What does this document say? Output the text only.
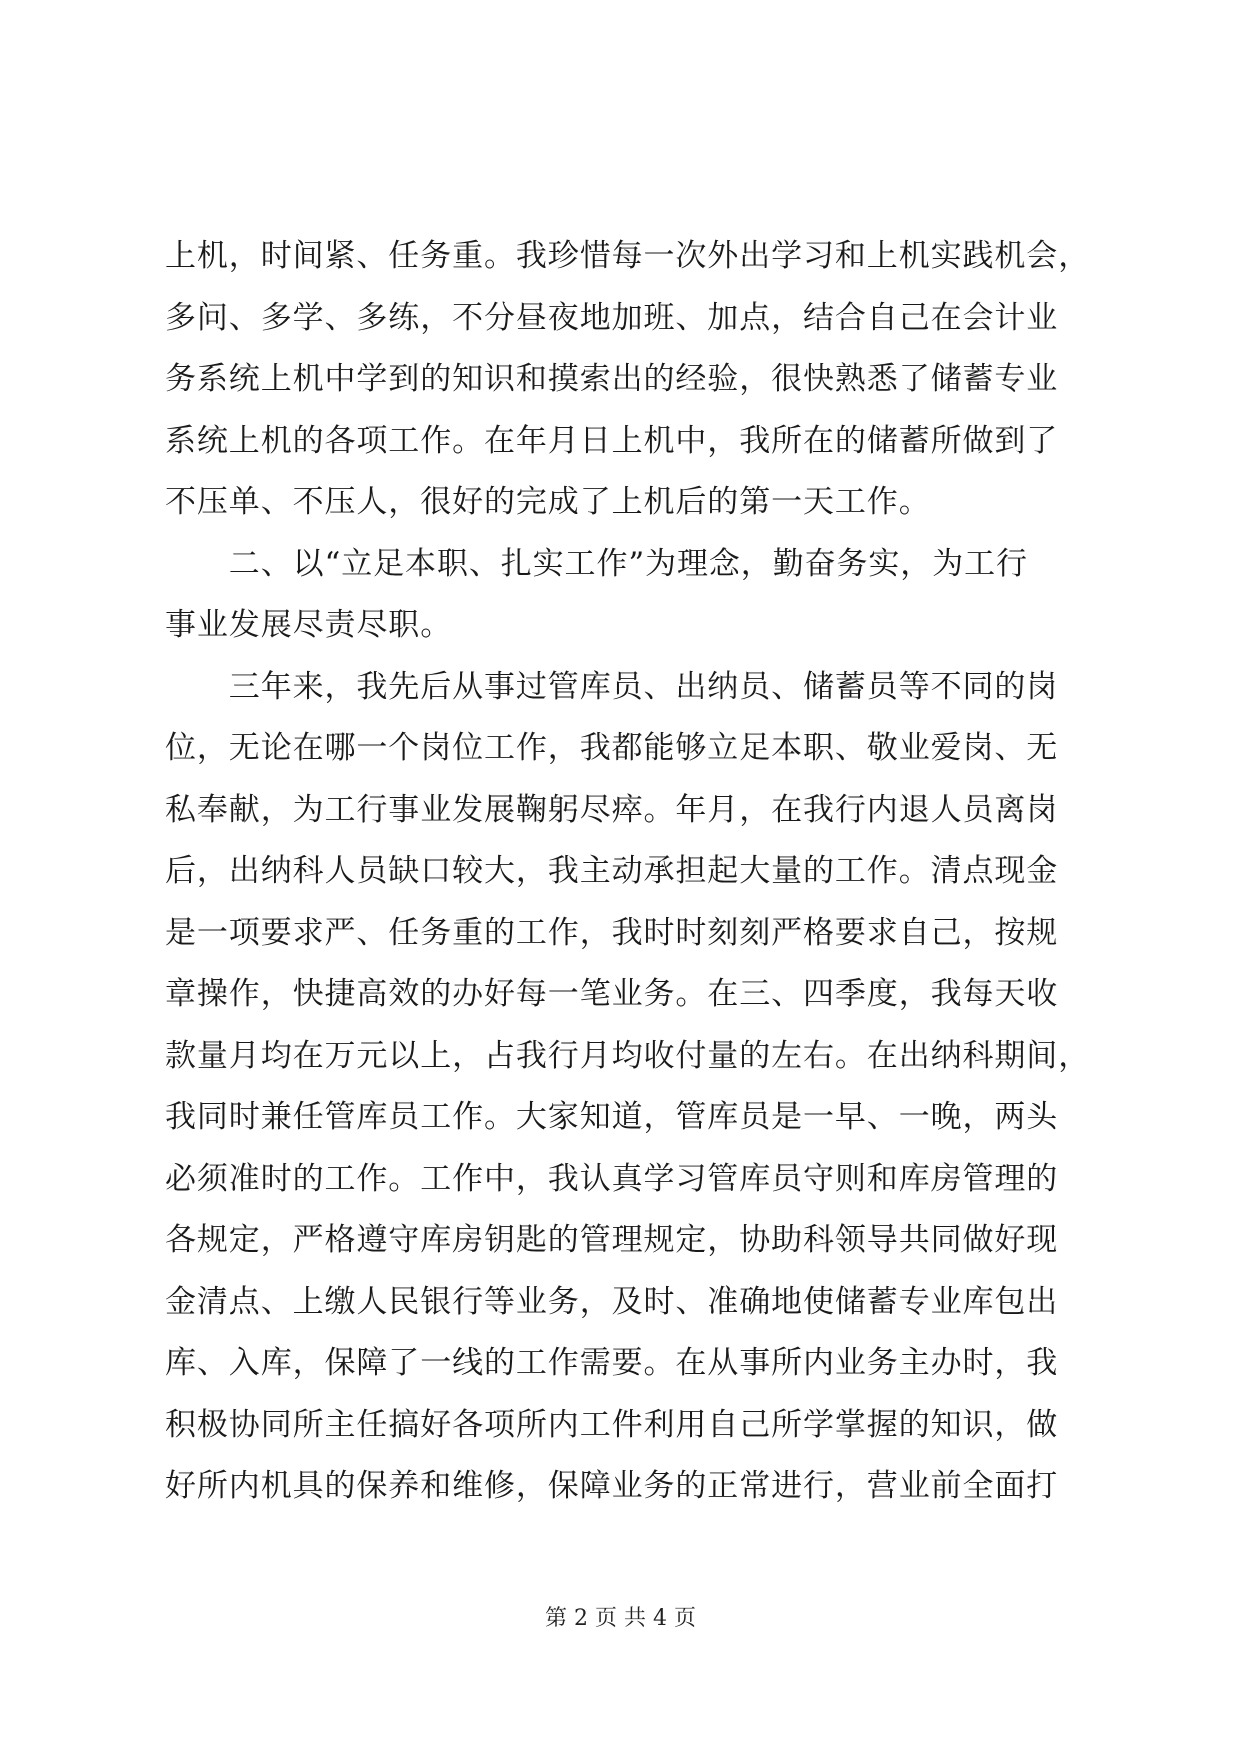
上机，时间紧、任务重。我珍惜每一次外出学习和上机实践机会，
多问、多学、多练，不分昼夜地加班、加点，结合自己在会计业
务系统上机中学到的知识和摸索出的经验，很快熟悉了储蓄专业
系统上机的各项工作。在年月日上机中，我所在的储蓄所做到了
不压单、不压人，很好的完成了上机后的第一天工作。
　　二、以“立足本职、扎实工作”为理念，勤奋务实，为工行
事业发展尽责尽职。
　　三年来，我先后从事过管库员、出纳员、储蓄员等不同的岗
位，无论在哪一个岗位工作，我都能够立足本职、敬业爱岗、无
私奉献，为工行事业发展鞠躬尽瘁。年月，在我行内退人员离岗
后，出纳科人员缺口较大，我主动承担起大量的工作。清点现金
是一项要求严、任务重的工作，我时时刻刻严格要求自己，按规
章操作，快捷高效的办好每一笔业务。在三、四季度，我每天收
款量月均在万元以上，占我行月均收付量的左右。在出纳科期间，
我同时兼任管库员工作。大家知道，管库员是一早、一晚，两头
必须准时的工作。工作中，我认真学习管库员守则和库房管理的
各规定，严格遵守库房钥匙的管理规定，协助科领导共同做好现
金清点、上缴人民银行等业务，及时、准确地使储蓄专业库包出
库、入库，保障了一线的工作需要。在从事所内业务主办时，我
积极协同所主任搞好各项所内工件利用自己所学掌握的知识，做
好所内机具的保养和维修，保障业务的正常进行，营业前全面打
第 2 页 共 4 页
